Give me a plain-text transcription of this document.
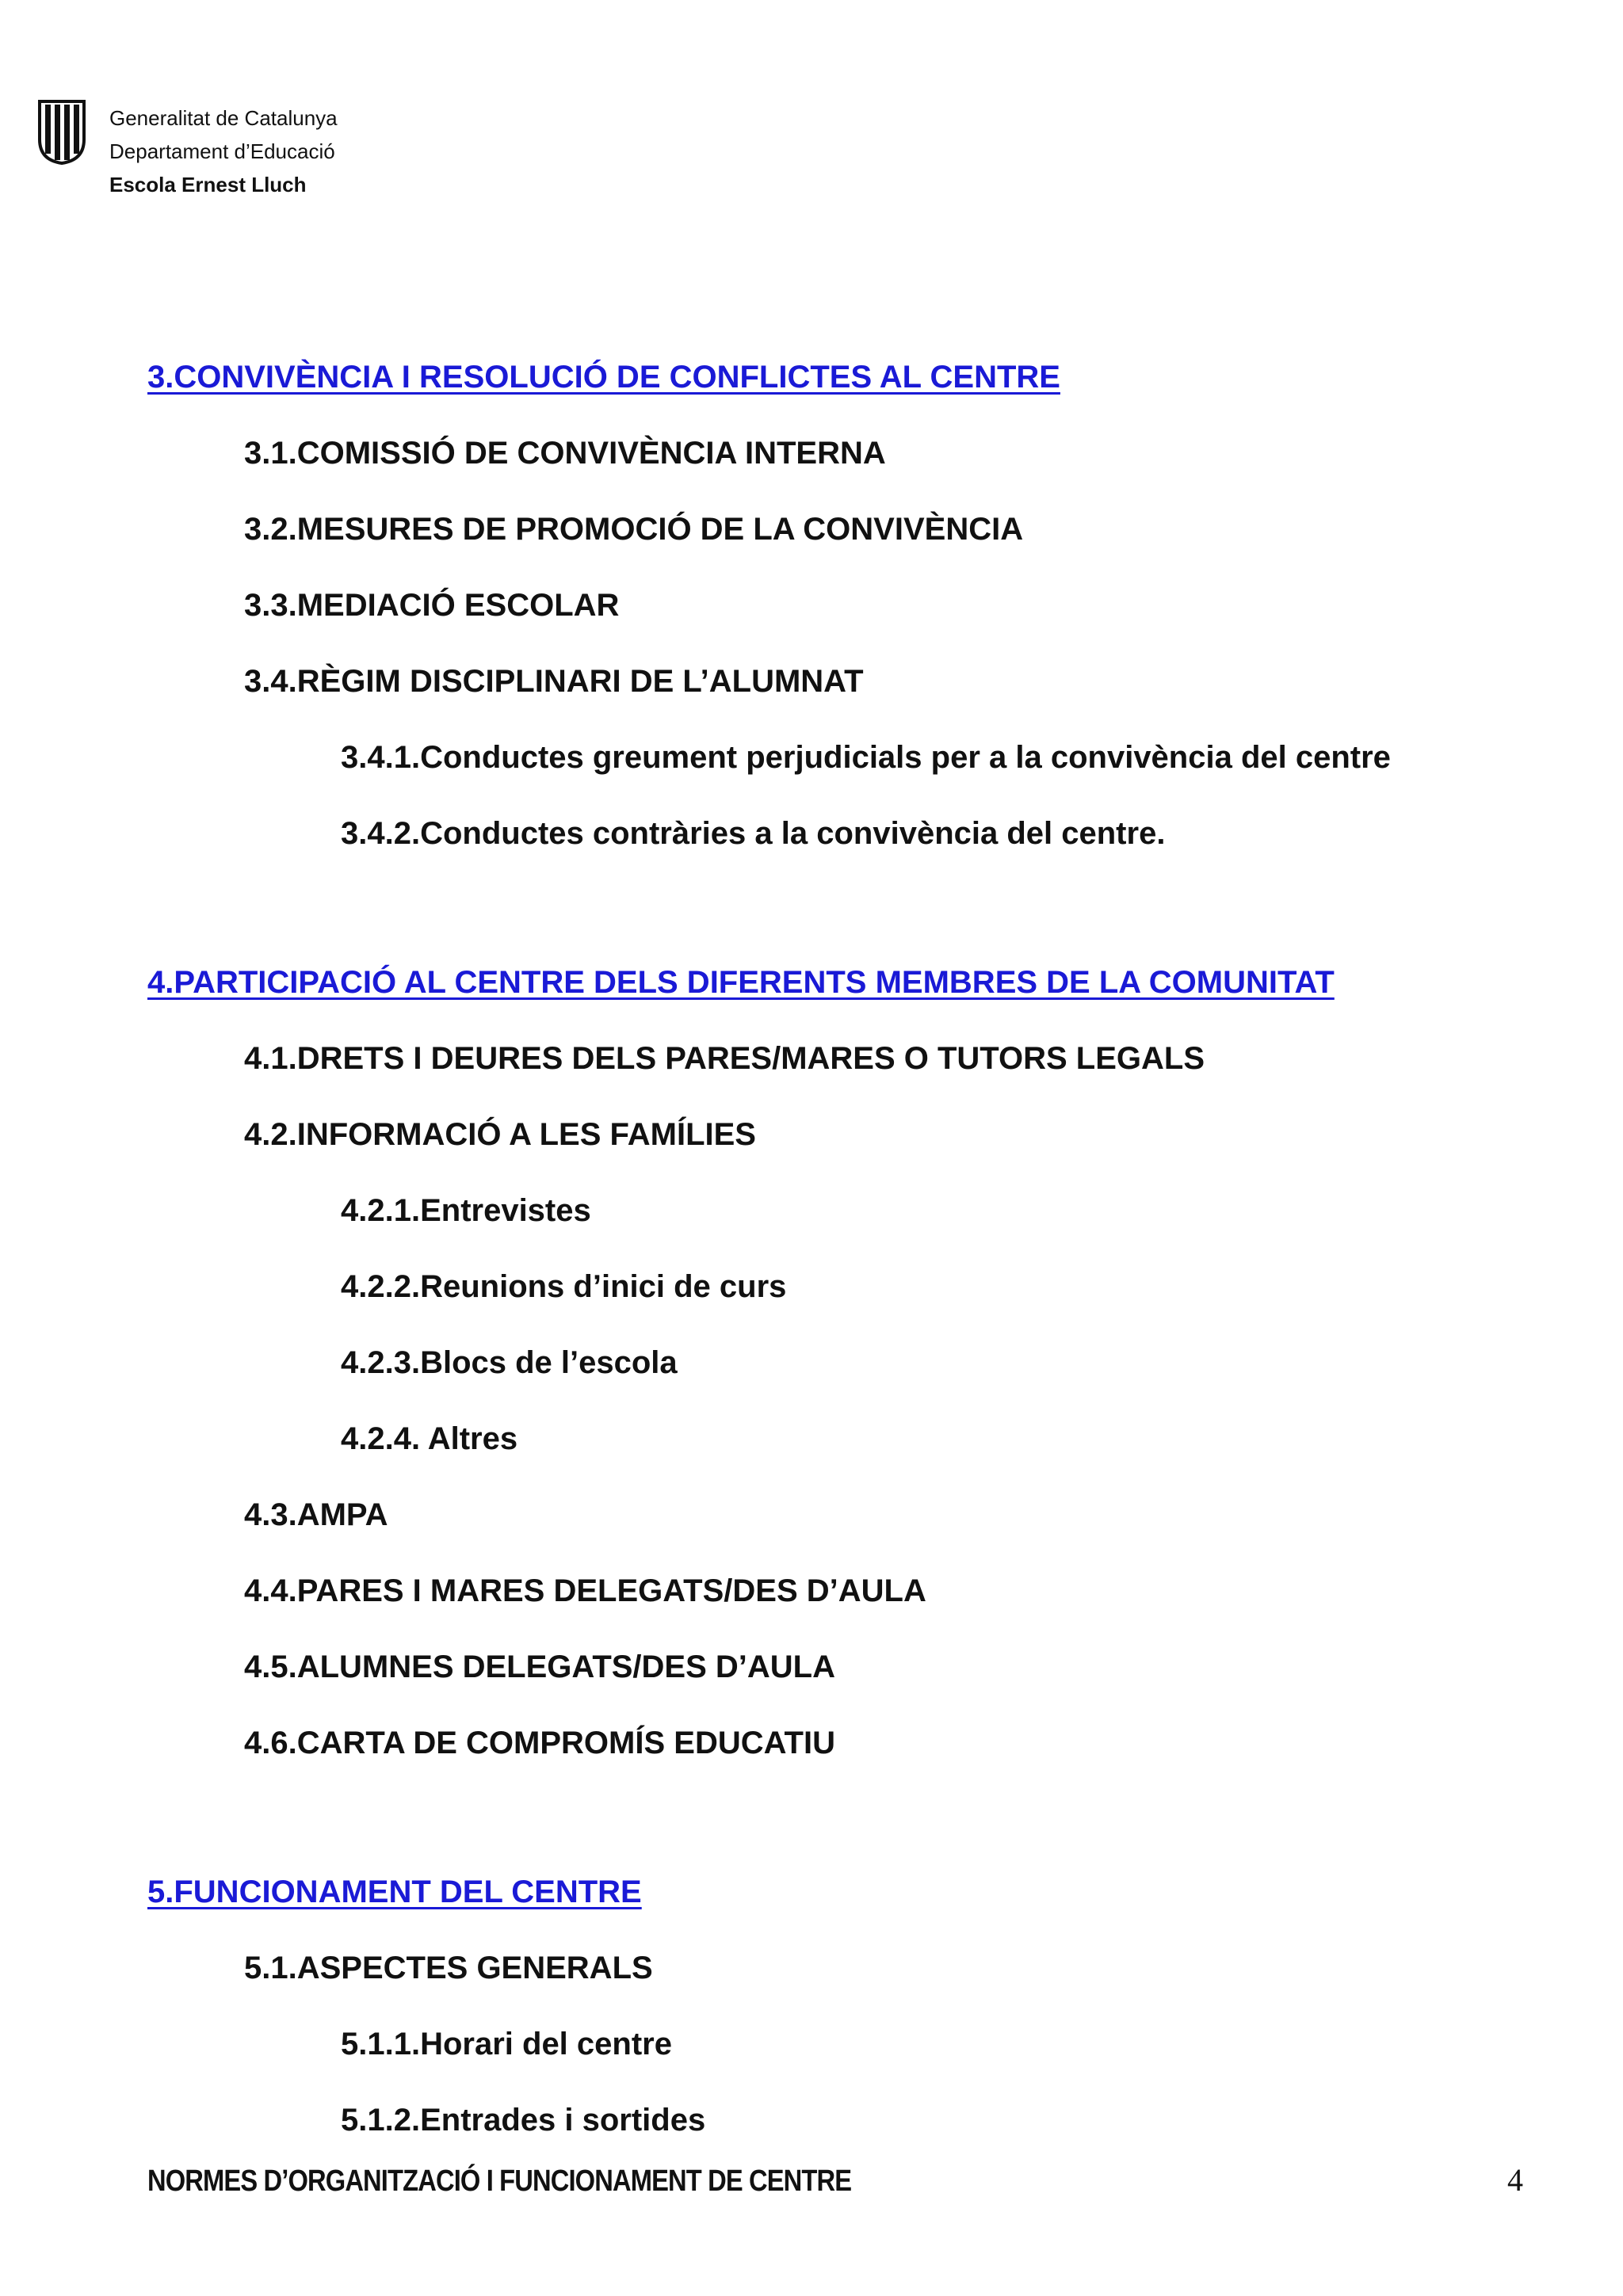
Generalitat de Catalunya
Departament d’Educació
Escola Ernest Lluch
3.CONVIVÈNCIA I RESOLUCIÓ DE CONFLICTES AL CENTRE
3.1.COMISSIÓ DE CONVIVÈNCIA INTERNA
3.2.MESURES DE PROMOCIÓ DE LA CONVIVÈNCIA
3.3.MEDIACIÓ ESCOLAR
3.4.RÈGIM DISCIPLINARI DE L’ALUMNAT
3.4.1.Conductes greument perjudicials per a la convivència del centre
3.4.2.Conductes contràries a la convivència del centre.
4.PARTICIPACIÓ AL CENTRE DELS DIFERENTS MEMBRES DE LA COMUNITAT
4.1.DRETS I DEURES DELS PARES/MARES O TUTORS LEGALS
4.2.INFORMACIÓ A LES FAMÍLIES
4.2.1.Entrevistes
4.2.2.Reunions d’inici de curs
4.2.3.Blocs de l’escola
4.2.4. Altres
4.3.AMPA
4.4.PARES I MARES DELEGATS/DES D’AULA
4.5.ALUMNES DELEGATS/DES D’AULA
4.6.CARTA DE COMPROMÍS EDUCATIU
5.FUNCIONAMENT DEL CENTRE
5.1.ASPECTES GENERALS
5.1.1.Horari del centre
5.1.2.Entrades i sortides
NORMES D’ORGANITZACIÓ I FUNCIONAMENT DE CENTRE	4
